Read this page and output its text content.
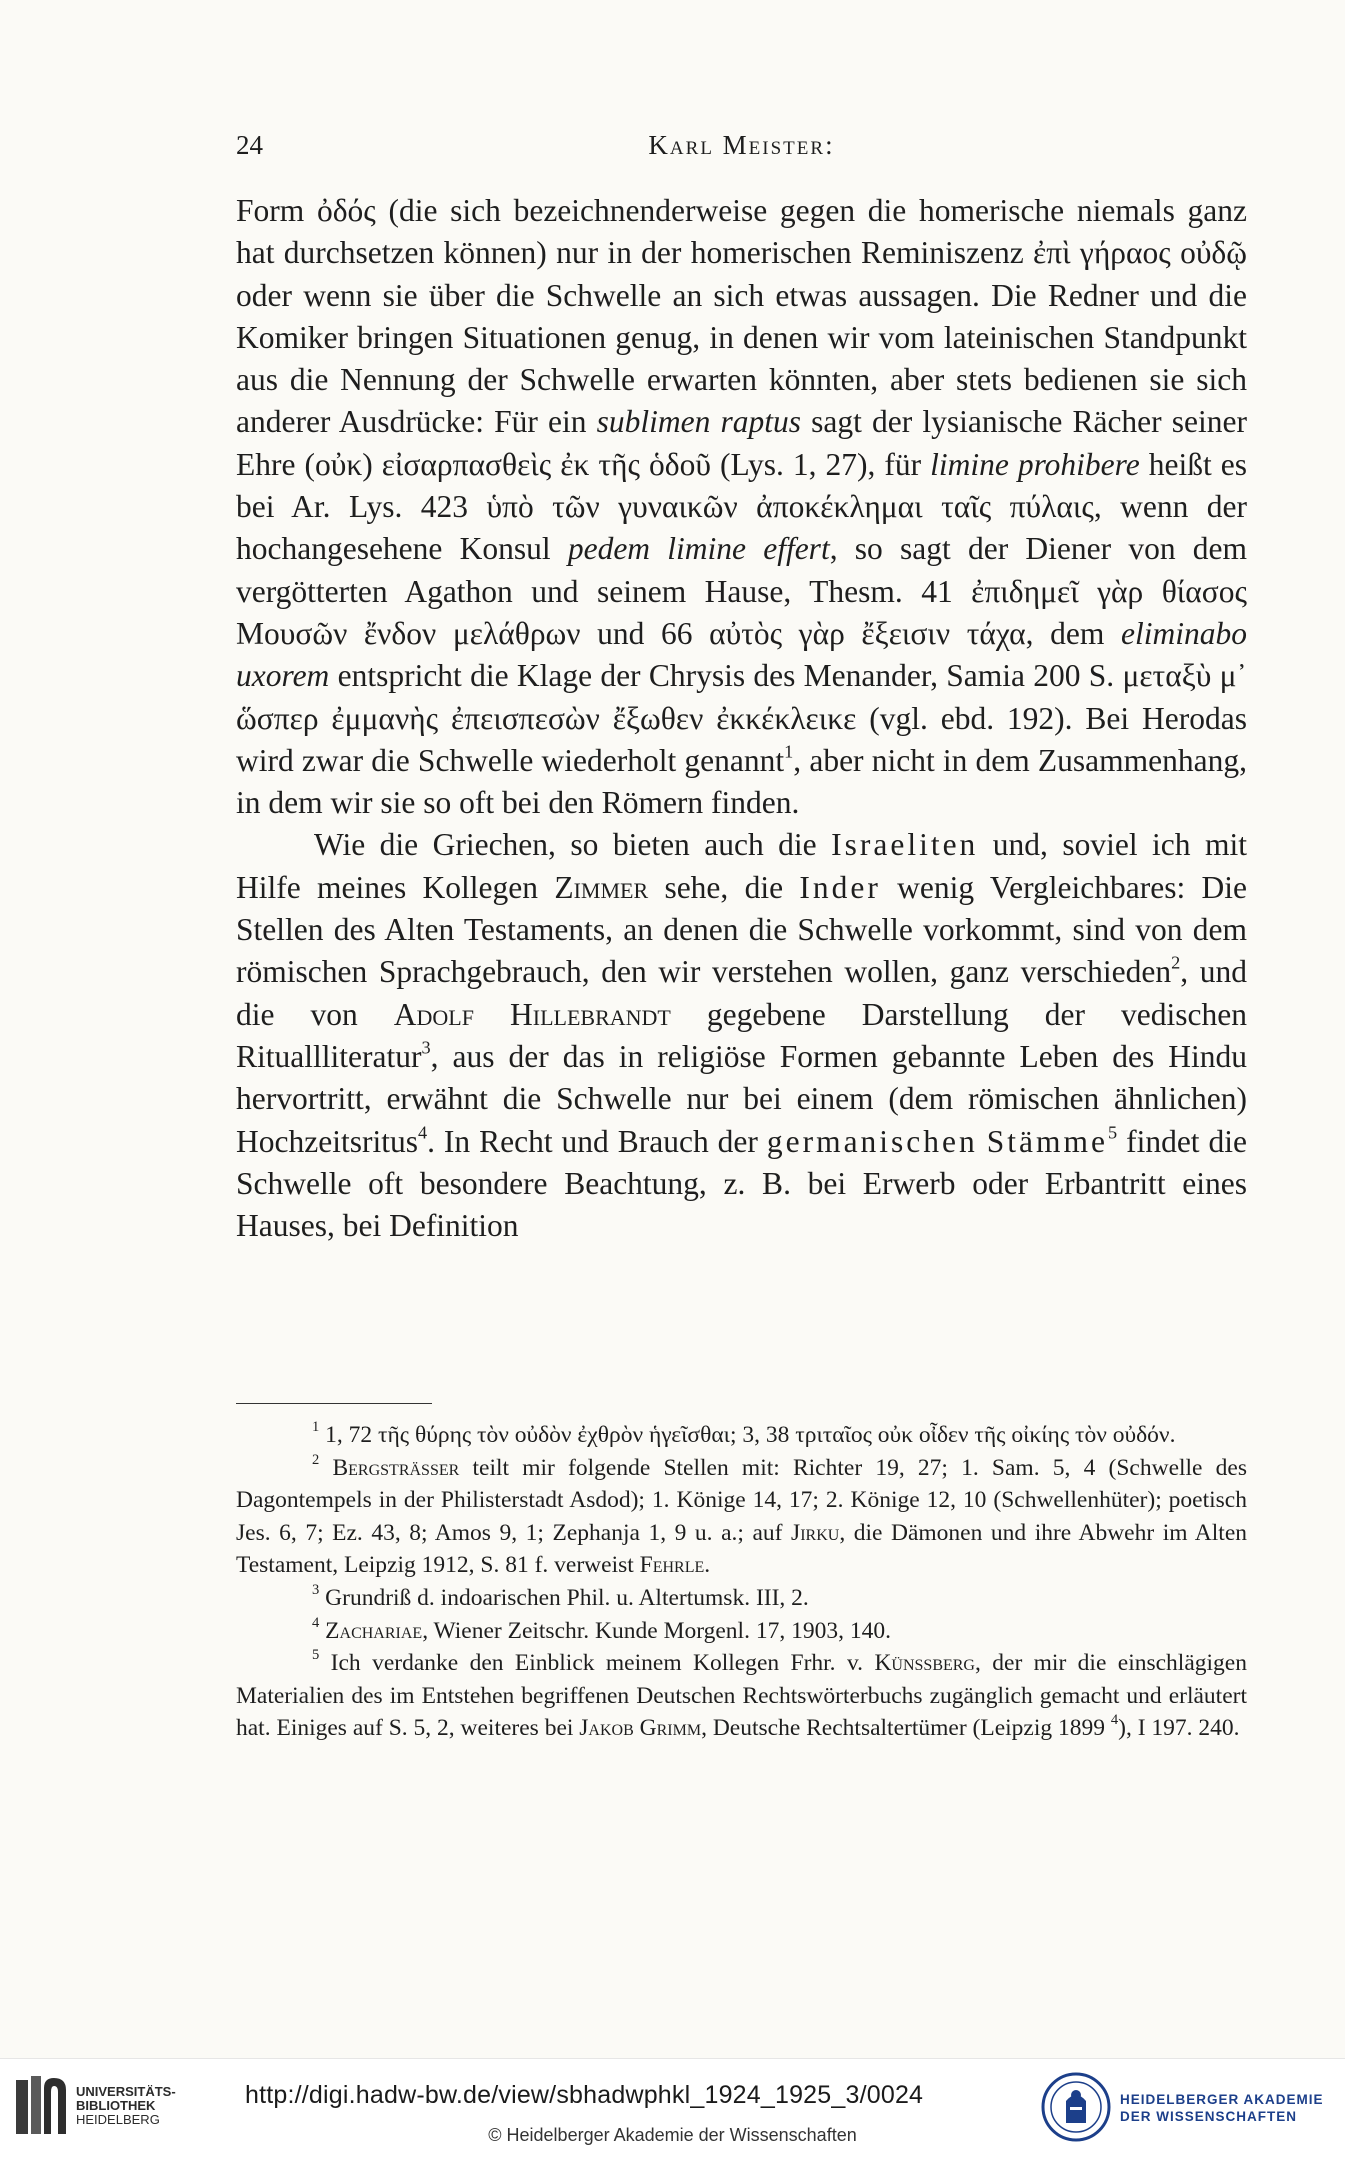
24	Karl Meister:

Form ὀδός (die sich bezeichnenderweise gegen die homerische niemals ganz hat durchsetzen können) nur in der homerischen Reminiszenz ἐπὶ γήραος οὐδῷ oder wenn sie über die Schwelle an sich etwas aussagen. Die Redner und die Komiker bringen Situationen genug, in denen wir vom lateinischen Standpunkt aus die Nennung der Schwelle erwarten könnten, aber stets bedienen sie sich anderer Ausdrücke: Für ein sublimen raptus sagt der lysianische Rächer seiner Ehre (οὐκ) εἰσαρπασθεὶς ἐκ τῆς ὁδοῦ (Lys. 1, 27), für limine prohibere heißt es bei Ar. Lys. 423 ὑπὸ τῶν γυναικῶν ἀποκέκλημαι ταῖς πύλαις, wenn der hochangesehene Konsul pedem limine effert, so sagt der Diener von dem vergötterten Agathon und seinem Hause, Thesm. 41 ἐπιδημεῖ γὰρ θίασος Μουσῶν ἔνδον μελάθρων und 66 αὐτὸς γὰρ ἔξεισιν τάχα, dem eliminabo uxorem entspricht die Klage der Chrysis des Menander, Samia 200 S. μεταξὺ μ᾿ ὥσπερ ἐμμανὴς ἐπεισπεσὼν ἔξωθεν ἐκκέκλεικε (vgl. ebd. 192). Bei Herodas wird zwar die Schwelle wiederholt genannt$^1$, aber nicht in dem Zusammenhang, in dem wir sie so oft bei den Römern finden.

Wie die Griechen, so bieten auch die Israeliten und, soviel ich mit Hilfe meines Kollegen Zimmer sehe, die Inder wenig Vergleichbares: Die Stellen des Alten Testaments, an denen die Schwelle vorkommt, sind von dem römischen Sprachgebrauch, den wir verstehen wollen, ganz verschieden$^2$, und die von Adolf Hillebrandt gegebene Darstellung der vedischen Rituallliteratur$^3$, aus der das in religiöse Formen gebannte Leben des Hindu hervortritt, erwähnt die Schwelle nur bei einem (dem römischen ähnlichen) Hochzeitsritus$^4$. In Recht und Brauch der germanischen Stämme$^5$ findet die Schwelle oft besondere Beachtung, z. B. bei Erwerb oder Erbantritt eines Hauses, bei Definition

$^1$ 1, 72 τῆς θύρης τὸν οὐδὸν ἐχθρὸν ἡγεῖσθαι; 3, 38 τριταῖος οὐκ οἶδεν τῆς οἰκίης τὸν οὐδόν.

$^2$ Bergsträsser teilt mir folgende Stellen mit: Richter 19, 27; 1. Sam. 5, 4 (Schwelle des Dagontempels in der Philisterstadt Asdod); 1. Könige 14, 17; 2. Könige 12, 10 (Schwellenhüter); poetisch Jes. 6, 7; Ez. 43, 8; Amos 9, 1; Zephanja 1, 9 u. a.; auf Jirku, die Dämonen und ihre Abwehr im Alten Testament, Leipzig 1912, S. 81 f. verweist Fehrle.

$^3$ Grundriß d. indoarischen Phil. u. Altertumsk. III, 2.

$^4$ Zachariae, Wiener Zeitschr. Kunde Morgenl. 17, 1903, 140.

$^5$ Ich verdanke den Einblick meinem Kollegen Frhr. v. Künssberg, der mir die einschlägigen Materialien des im Entstehen begriffenen Deutschen Rechtswörterbuchs zugänglich gemacht und erläutert hat. Einiges auf S. 5, 2, weiteres bei Jakob Grimm, Deutsche Rechtsaltertümer (Leipzig 1899 $^4$), I 197. 240.

UNIVERSITÄTS-
BIBLIOTHEK
HEIDELBERG
http://digi.hadw-bw.de/view/sbhadwphkl_1924_1925_3/0024
© Heidelberger Akademie der Wissenschaften
HEIDELBERGER AKADEMIE
DER WISSENSCHAFTEN
